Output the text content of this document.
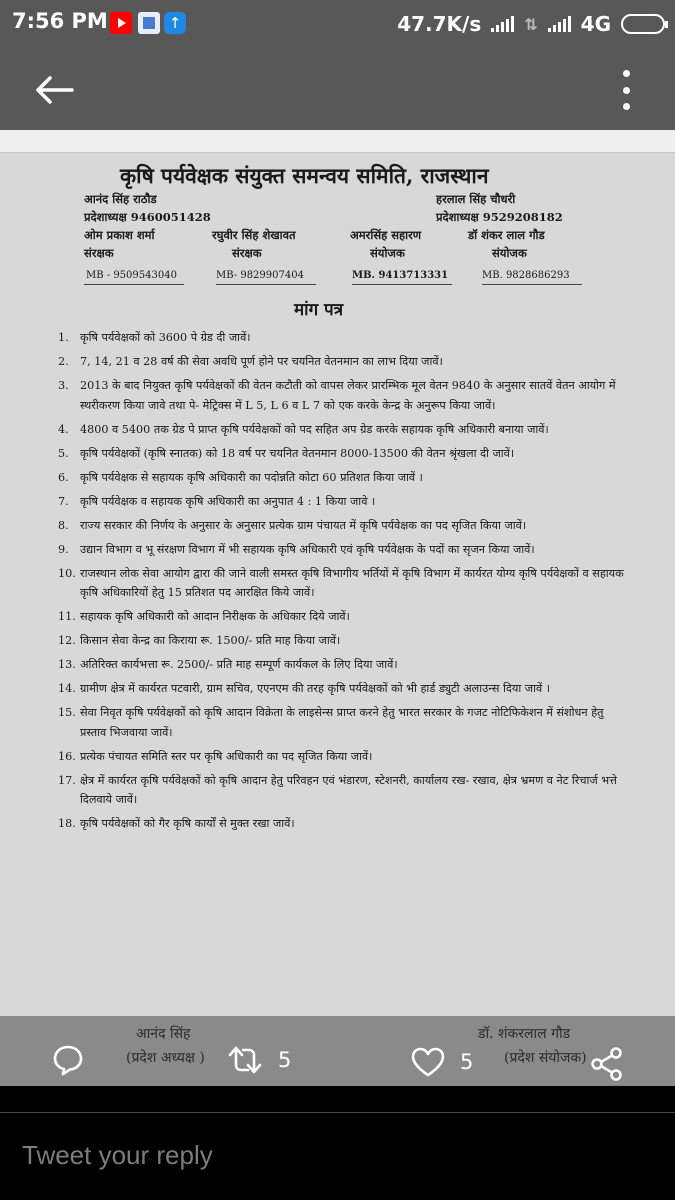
7:56 PM	↑	47.7K/s	⇅ 4G
कृषि पर्यवेक्षक संयुक्त समन्वय समिति, राजस्थान
आनंद सिंह राठौड
प्रदेशाध्यक्ष 9460051428
हरलाल सिंह चौधरी
प्रदेशाध्यक्ष 9529208182
ओम प्रकाश शर्मा
संरक्षक
MB - 9509543040
रघुवीर सिंह शेखावत
संरक्षक
MB- 9829907404
अमरसिंह सहारण
संयोजक
MB. 9413713331
डॉ शंकर लाल गौड
संयोजक
MB. 9828686293
मांग पत्र
1.	कृषि पर्यवेक्षकों को 3600 पे ग्रेड दी जावें।
2.	7, 14, 21 व 28 वर्ष की सेवा अवधि पूर्ण होने पर चयनित वेतनमान का लाभ दिया जावें।
3.	2013 के बाद नियुक्त कृषि पर्यवेक्षकों की वेतन कटौती को वापस लेकर प्रारम्भिक मूल वेतन 9840 के अनुसार सातवें वेतन आयोग में स्थरीकरण किया जावे तथा पे- मेट्रिक्स में L 5, L 6 व L 7 को एक करके केन्द्र के अनुरूप किया जावें।
4.	4800 व 5400 तक ग्रेड पे प्राप्त कृषि पर्यवेक्षकों को पद सहित अप ग्रेड करके सहायक कृषि अधिकारी बनाया जावें।
5.	कृषि पर्यवेक्षकों (कृषि स्नातक) को 18 वर्ष पर चयनित वेतनमान 8000-13500 की वेतन श्रृंखला दी जावें।
6.	कृषि पर्यवेक्षक से सहायक कृषि अधिकारी का पदोन्नति कोटा 60 प्रतिशत किया जावें ।
7.	कृषि पर्यवेक्षक व सहायक कृषि अधिकारी का अनुपात 4 : 1 किया जावे ।
8.	राज्य सरकार की निर्णय के अनुसार के अनुसार प्रत्येक ग्राम पंचायत में कृषि पर्यवेक्षक का पद सृजित किया जावें।
9.	उद्यान विभाग व भू संरक्षण विभाग में भी सहायक कृषि अधिकारी एवं कृषि पर्यवेक्षक के पदों का सृजन किया जावें।
10. राजस्थान लोक सेवा आयोग द्वारा की जाने वाली समस्त कृषि विभागीय भर्तियों में कृषि विभाग में कार्यरत योग्य कृषि पर्यवेक्षकों व सहायक कृषि अधिकारियों हेतु 15 प्रतिशत पद आरक्षित किये जावें।
11. सहायक कृषि अधिकारी को आदान निरीक्षक के अधिकार दिये जावें।
12. किसान सेवा केन्द्र का किराया रू. 1500/- प्रति माह किया जावें।
13. अतिरिक्त कार्यभत्ता रू. 2500/- प्रति माह सम्पूर्ण कार्यकल के लिए दिया जावें।
14. ग्रामीण क्षेत्र में कार्यरत पटवारी, ग्राम सचिव, एएनएम की तरह कृषि पर्यवेक्षकों को भी हार्ड ड्युटी अलाउन्स दिया जावें ।
15. सेवा निवृत कृषि पर्यवेक्षकों को कृषि आदान विक्रेता के लाइसेन्स प्राप्त करने हेतु भारत सरकार के गजट नोटिफिकेशन में संशोधन हेतु प्रस्ताव भिजवाया जावें।
16. प्रत्येक पंचायत समिति स्तर पर कृषि अधिकारी का पद सृजित किया जावें।
17. क्षेत्र में कार्यरत कृषि पर्यवेक्षकों को कृषि आदान हेतु परिवहन एवं भंडारण, स्टेशनरी, कार्यालय रख- रखाव, क्षेत्र भ्रमण व नेट रिचार्ज भत्ते दिलवाये जावें।
18. कृषि पर्यवेक्षकों को गैर कृषि कार्यों से मुक्त रखा जावें।
आनंद सिंह
(प्रदेश अध्यक्ष )
डॉ. शंकरलाल गौड
(प्रदेश संयोजक)
5	5
Tweet your reply
